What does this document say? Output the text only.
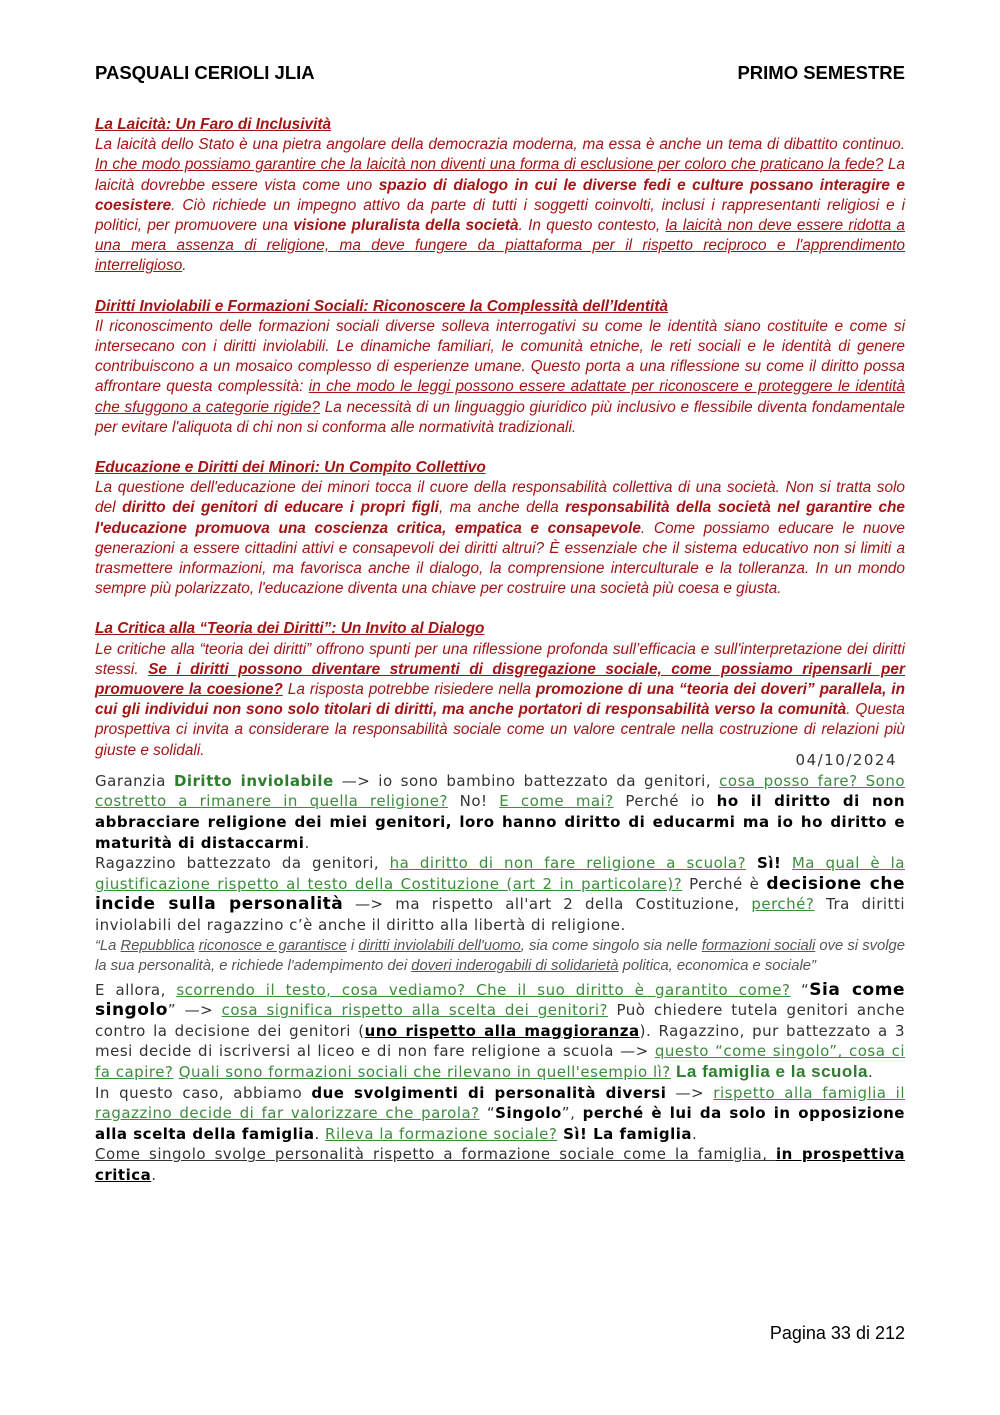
PASQUALI CERIOLI JLIA	PRIMO SEMESTRE

La Laicità: Un Faro di Inclusività

La laicità dello Stato è una pietra angolare della democrazia moderna, ma essa è anche un tema di dibattito continuo. In che modo possiamo garantire che la laicità non diventi una forma di esclusione per coloro che praticano la fede? La laicità dovrebbe essere vista come uno spazio di dialogo in cui le diverse fedi e culture possano interagire e coesistere. Ciò richiede un impegno attivo da parte di tutti i soggetti coinvolti, inclusi i rappresentanti religiosi e i politici, per promuovere una visione pluralista della società. In questo contesto, la laicità non deve essere ridotta a una mera assenza di religione, ma deve fungere da piattaforma per il rispetto reciproco e l'apprendimento interreligioso.

Diritti Inviolabili e Formazioni Sociali: Riconoscere la Complessità dell’Identità

Il riconoscimento delle formazioni sociali diverse solleva interrogativi su come le identità siano costituite e come si intersecano con i diritti inviolabili. Le dinamiche familiari, le comunità etniche, le reti sociali e le identità di genere contribuiscono a un mosaico complesso di esperienze umane. Questo porta a una riflessione su come il diritto possa affrontare questa complessità: in che modo le leggi possono essere adattate per riconoscere e proteggere le identità che sfuggono a categorie rigide? La necessità di un linguaggio giuridico più inclusivo e flessibile diventa fondamentale per evitare l'aliquota di chi non si conforma alle normatività tradizionali.

Educazione e Diritti dei Minori: Un Compito Collettivo

La questione dell'educazione dei minori tocca il cuore della responsabilità collettiva di una società. Non si tratta solo del diritto dei genitori di educare i propri figli, ma anche della responsabilità della società nel garantire che l'educazione promuova una coscienza critica, empatica e consapevole. Come possiamo educare le nuove generazioni a essere cittadini attivi e consapevoli dei diritti altrui? È essenziale che il sistema educativo non si limiti a trasmettere informazioni, ma favorisca anche il dialogo, la comprensione interculturale e la tolleranza. In un mondo sempre più polarizzato, l'educazione diventa una chiave per costruire una società più coesa e giusta.

La Critica alla “Teoria dei Diritti”: Un Invito al Dialogo

Le critiche alla “teoria dei diritti” offrono spunti per una riflessione profonda sull’efficacia e sull'interpretazione dei diritti stessi. Se i diritti possono diventare strumenti di disgregazione sociale, come possiamo ripensarli per promuovere la coesione? La risposta potrebbe risiedere nella promozione di una “teoria dei doveri” parallela, in cui gli individui non sono solo titolari di diritti, ma anche portatori di responsabilità verso la comunità. Questa prospettiva ci invita a considerare la responsabilità sociale come un valore centrale nella costruzione di relazioni più giuste e solidali.

04/10/2024

Garanzia Diritto inviolabile —> io sono bambino battezzato da genitori, cosa posso fare? Sono costretto a rimanere in quella religione? No! E come mai? Perché io ho il diritto di non abbracciare religione dei miei genitori, loro hanno diritto di educarmi ma io ho diritto e maturità di distaccarmi.

Ragazzino battezzato da genitori, ha diritto di non fare religione a scuola? Sì! Ma qual è la giustificazione rispetto al testo della Costituzione (art 2 in particolare)? Perché è decisione che incide sulla personalità —> ma rispetto all'art 2 della Costituzione, perché? Tra diritti inviolabili del ragazzino c’è anche il diritto alla libertà di religione.

“La Repubblica riconosce e garantisce i diritti inviolabili dell'uomo, sia come singolo sia nelle formazioni sociali ove si svolge la sua personalità, e richiede l'adempimento dei doveri inderogabili di solidarietà politica, economica e sociale”

E allora, scorrendo il testo, cosa vediamo? Che il suo diritto è garantito come? “Sia come singolo” —> cosa significa rispetto alla scelta dei genitori? Può chiedere tutela genitori anche contro la decisione dei genitori (uno rispetto alla maggioranza). Ragazzino, pur battezzato a 3 mesi decide di iscriversi al liceo e di non fare religione a scuola —> questo “come singolo”, cosa ci fa capire? Quali sono formazioni sociali che rilevano in quell'esempio lì? La famiglia e la scuola.

In questo caso, abbiamo due svolgimenti di personalità diversi —> rispetto alla famiglia il ragazzino decide di far valorizzare che parola? “Singolo”, perché è lui da solo in opposizione alla scelta della famiglia. Rileva la formazione sociale? Sì! La famiglia.

Come singolo svolge personalità rispetto a formazione sociale come la famiglia, in prospettiva critica.

Pagina 33 di 212
